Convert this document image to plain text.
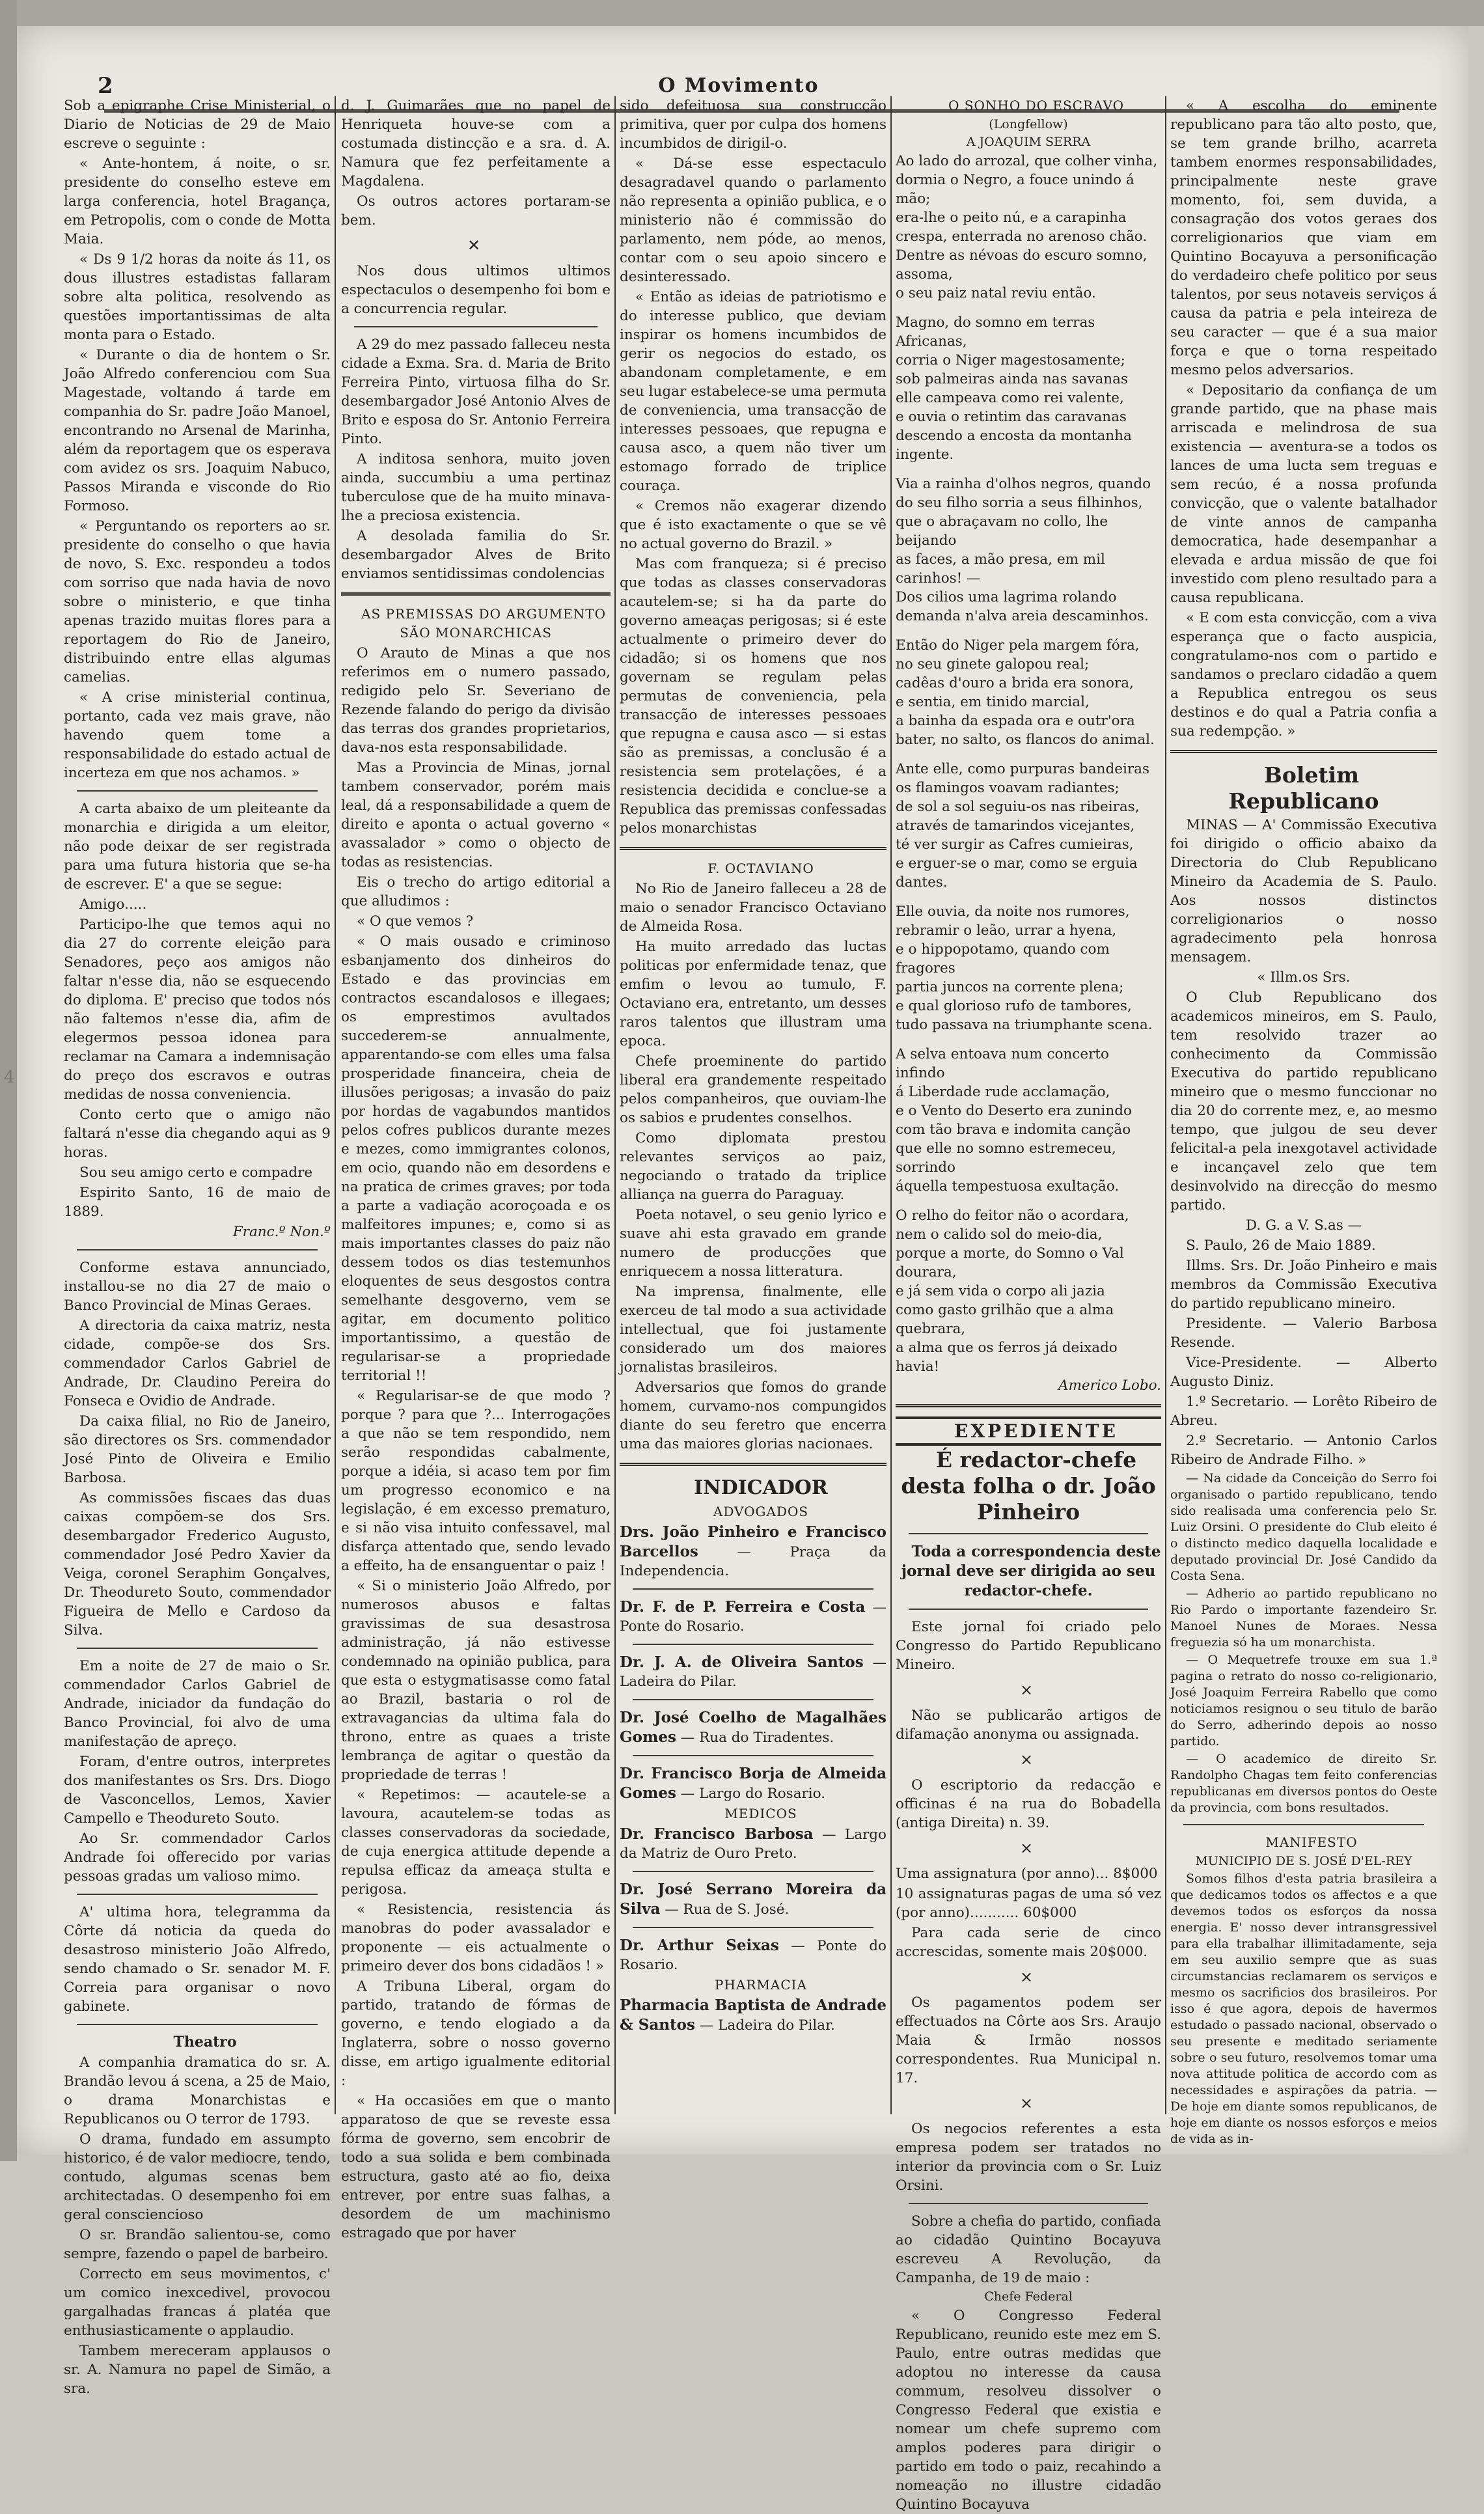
2	O Movimento
4

Sob a epigraphe Crise Ministerial, o Diario de Noticias de 29 de Maio escreve o seguinte :

« Ante-hontem, á noite, o sr. presidente do conselho esteve em larga conferencia, hotel Bragança, em Petropolis, com o conde de Motta Maia.

« Ds 9 1/2 horas da noite ás 11, os dous illustres estadistas fallaram sobre alta politica, resolvendo as questões importantissimas de alta monta para o Estado.

« Durante o dia de hontem o Sr. João Alfredo conferenciou com Sua Magestade, voltando á tarde em companhia do Sr. padre João Manoel, encontrando no Arsenal de Marinha, além da reportagem que os esperava com avidez os srs. Joaquim Nabuco, Passos Miranda e visconde do Rio Formoso.

« Perguntando os reporters ao sr. presidente do conselho o que havia de novo, S. Exc. respondeu a todos com sorriso que nada havia de novo sobre o ministerio, e que tinha apenas trazido muitas flores para a reportagem do Rio de Janeiro, distribuindo entre ellas algumas camelias.

« A crise ministerial continua, portanto, cada vez mais grave, não havendo quem tome a responsabilidade do estado actual de incerteza em que nos achamos. »

A carta abaixo de um pleiteante da monarchia e dirigida a um eleitor, não pode deixar de ser registrada para uma futura historia que se-ha de escrever. E' a que se segue:

Amigo.....

Participo-lhe que temos aqui no dia 27 do corrente eleição para Senadores, peço aos amigos não faltar n'esse dia, não se esquecendo do diploma. E' preciso que todos nós não faltemos n'esse dia, afim de elegermos pessoa idonea para reclamar na Camara a indemnisação do preço dos escravos e outras medidas de nossa conveniencia.

Conto certo que o amigo não faltará n'esse dia chegando aqui as 9 horas.

Sou seu amigo certo e compadre

Espirito Santo, 16 de maio de 1889.

Franc.º Non.º

Conforme estava annunciado, installou-se no dia 27 de maio o Banco Provincial de Minas Geraes.

A directoria da caixa matriz, nesta cidade, compõe-se dos Srs. commendador Carlos Gabriel de Andrade, Dr. Claudino Pereira do Fonseca e Ovidio de Andrade.

Da caixa filial, no Rio de Janeiro, são directores os Srs. commendador José Pinto de Oliveira e Emilio Barbosa.

As commissões fiscaes das duas caixas compõem-se dos Srs. desembargador Frederico Augusto, commendador José Pedro Xavier da Veiga, coronel Seraphim Gonçalves, Dr. Theodureto Souto, commendador Figueira de Mello e Cardoso da Silva.

Em a noite de 27 de maio o Sr. commendador Carlos Gabriel de Andrade, iniciador da fundação do Banco Provincial, foi alvo de uma manifestação de apreço.

Foram, d'entre outros, interpretes dos manifestantes os Srs. Drs. Diogo de Vasconcellos, Lemos, Xavier Campello e Theodureto Souto.

Ao Sr. commendador Carlos Andrade foi offerecido por varias pessoas gradas um valioso mimo.

A' ultima hora, telegramma da Côrte dá noticia da queda do desastroso ministerio João Alfredo, sendo chamado o Sr. senador M. F. Correia para organisar o novo gabinete.

Theatro

A companhia dramatica do sr. A. Brandão levou á scena, a 25 de Maio, o drama Monarchistas e Republicanos ou O terror de 1793.

O drama, fundado em assumpto historico, é de valor mediocre, tendo, contudo, algumas scenas bem architectadas. O desempenho foi em geral consciencioso

O sr. Brandão salientou-se, como sempre, fazendo o papel de barbeiro.

Correcto em seus movimentos, c' um comico inexcedivel, provocou gargalhadas francas á platéa que enthusiasticamente o applaudio.

Tambem mereceram applausos o sr. A. Namura no papel de Simão, a sra.

d. J. Guimarães que no papel de Henriqueta houve-se com a costumada distincção e a sra. d. A. Namura que fez perfeitamente a Magdalena.

Os outros actores portaram-se bem.

✕

Nos dous ultimos ultimos espectaculos o desempenho foi bom e a concurrencia regular.

A 29 do mez passado falleceu nesta cidade a Exma. Sra. d. Maria de Brito Ferreira Pinto, virtuosa filha do Sr. desembargador José Antonio Alves de Brito e esposa do Sr. Antonio Ferreira Pinto.

A inditosa senhora, muito joven ainda, succumbiu a uma pertinaz tuberculose que de ha muito minava-lhe a preciosa existencia.

A desolada familia do Sr. desembargador Alves de Brito enviamos sentidissimas condolencias

AS PREMISSAS DO ARGUMENTO SÃO MONARCHICAS

O Arauto de Minas a que nos referimos em o numero passado, redigido pelo Sr. Severiano de Rezende falando do perigo da divisão das terras dos grandes proprietarios, dava-nos esta responsabilidade.

Mas a Provincia de Minas, jornal tambem conservador, porém mais leal, dá a responsabilidade a quem de direito e aponta o actual governo « avassalador » como o objecto de todas as resistencias.

Eis o trecho do artigo editorial a que alludimos :

« O que vemos ?

« O mais ousado e criminoso esbanjamento dos dinheiros do Estado e das provincias em contractos escandalosos e illegaes; os emprestimos avultados succederem-se annualmente, apparentando-se com elles uma falsa prosperidade financeira, cheia de illusões perigosas; a invasão do paiz por hordas de vagabundos mantidos pelos cofres publicos durante mezes e mezes, como immigrantes colonos, em ocio, quando não em desordens e na pratica de crimes graves; por toda a parte a vadiação acoroçoada e os malfeitores impunes; e, como si as mais importantes classes do paiz não dessem todos os dias testemunhos eloquentes de seus desgostos contra semelhante desgoverno, vem se agitar, em documento politico importantissimo, a questão de regularisar-se a propriedade territorial !!

« Regularisar-se de que modo ? porque ? para que ?... Interrogações a que não se tem respondido, nem serão respondidas cabalmente, porque a idéia, si acaso tem por fim um progresso economico e na legislação, é em excesso prematuro, e si não visa intuito confessavel, mal disfarça attentado que, sendo levado a effeito, ha de ensanguentar o paiz !

« Si o ministerio João Alfredo, por numerosos abusos e faltas gravissimas de sua desastrosa administração, já não estivesse condemnado na opinião publica, para que esta o estygmatisasse como fatal ao Brazil, bastaria o rol de extravagancias da ultima fala do throno, entre as quaes a triste lembrança de agitar o questão da propriedade de terras !

« Repetimos: — acautele-se a lavoura, acautelem-se todas as classes conservadoras da sociedade, de cuja energica attitude depende a repulsa efficaz da ameaça stulta e perigosa.

« Resistencia, resistencia ás manobras do poder avassalador e proponente — eis actualmente o primeiro dever dos bons cidadãos ! »

A Tribuna Liberal, orgam do partido, tratando de fórmas de governo, e tendo elogiado a da Inglaterra, sobre o nosso governo disse, em artigo igualmente editorial :

« Ha occasiões em que o manto apparatoso de que se reveste essa fórma de governo, sem encobrir de todo a sua solida e bem combinada estructura, gasto até ao fio, deixa entrever, por entre suas falhas, a desordem de um machinismo estragado que por haver

sido defeituosa sua construcção primitiva, quer por culpa dos homens incumbidos de dirigil-o.

« Dá-se esse espectaculo desagradavel quando o parlamento não representa a opinião publica, e o ministerio não é commissão do parlamento, nem póde, ao menos, contar com o seu apoio sincero e desinteressado.

« Então as ideias de patriotismo e do interesse publico, que deviam inspirar os homens incumbidos de gerir os negocios do estado, os abandonam completamente, e em seu lugar estabelece-se uma permuta de conveniencia, uma transacção de interesses pessoaes, que repugna e causa asco, a quem não tiver um estomago forrado de triplice couraça.

« Cremos não exagerar dizendo que é isto exactamente o que se vê no actual governo do Brazil. »

Mas com franqueza; si é preciso que todas as classes conservadoras acautelem-se; si ha da parte do governo ameaças perigosas; si é este actualmente o primeiro dever do cidadão; si os homens que nos governam se regulam pelas permutas de conveniencia, pela transacção de interesses pessoaes que repugna e causa asco — si estas são as premissas, a conclusão é a resistencia sem protelações, é a resistencia decidida e conclue-se a Republica das premissas confessadas pelos monarchistas

F. OCTAVIANO

No Rio de Janeiro falleceu a 28 de maio o senador Francisco Octaviano de Almeida Rosa.

Ha muito arredado das luctas politicas por enfermidade tenaz, que emfim o levou ao tumulo, F. Octaviano era, entretanto, um desses raros talentos que illustram uma epoca.

Chefe proeminente do partido liberal era grandemente respeitado pelos companheiros, que ouviam-lhe os sabios e prudentes conselhos.

Como diplomata prestou relevantes serviços ao paiz, negociando o tratado da triplice alliança na guerra do Paraguay.

Poeta notavel, o seu genio lyrico e suave ahi esta gravado em grande numero de producções que enriquecem a nossa litteratura.

Na imprensa, finalmente, elle exerceu de tal modo a sua actividade intellectual, que foi justamente considerado um dos maiores jornalistas brasileiros.

Adversarios que fomos do grande homem, curvamo-nos compungidos diante do seu feretro que encerra uma das maiores glorias nacionaes.

INDICADOR

ADVOGADOS

Drs. João Pinheiro e Francisco Barcellos	— Praça da Independencia.

Dr. F. de P. Ferreira e Costa — Ponte do Rosario.

Dr. J. A. de Oliveira Santos — Ladeira do Pilar.

Dr. José Coelho de Magalhães Gomes — Rua do Tiradentes.

Dr. Francisco Borja de Almeida Gomes — Largo do Rosario.

MEDICOS

Dr. Francisco Barbosa — Largo da Matriz de Ouro Preto.

Dr. José Serrano Moreira da Silva — Rua de S. José.

Dr. Arthur Seixas — Ponte do Rosario.

PHARMACIA

Pharmacia Baptista de Andrade & Santos — Ladeira do Pilar.

O SONHO DO ESCRAVO

(Longfellow)

A JOAQUIM SERRA

Ao lado do arrozal, que colher vinha,

dormia o Negro, a fouce unindo á mão;

era-lhe o peito nú, e a carapinha

crespa, enterrada no arenoso chão.

Dentre as névoas do escuro somno, assoma,

o seu paiz natal reviu então.

Magno, do somno em terras Africanas,

corria o Niger magestosamente;

sob palmeiras ainda nas savanas

elle campeava como rei valente,

e ouvia o retintim das caravanas

descendo a encosta da montanha ingente.

Via a rainha d'olhos negros, quando

do seu filho sorria a seus filhinhos,

que o abraçavam no collo, lhe beijando

as faces, a mão presa, em mil carinhos! —

Dos cilios uma lagrima rolando

demanda n'alva areia descaminhos.

Então do Niger pela margem fóra,

no seu ginete galopou real;

cadêas d'ouro a brida era sonora,

e sentia, em tinido marcial,

a bainha da espada ora e outr'ora

bater, no salto, os flancos do animal.

Ante elle, como purpuras bandeiras

os flamingos voavam radiantes;

de sol a sol seguiu-os nas ribeiras,

através de tamarindos vicejantes,

té ver surgir as Cafres cumieiras,

e erguer-se o mar, como se erguia dantes.

Elle ouvia, da noite nos rumores,

rebramir o leão, urrar a hyena,

e o hippopotamo, quando com fragores

partia juncos na corrente plena;

e qual glorioso rufo de tambores,

tudo passava na triumphante scena.

A selva entoava num concerto infindo

á Liberdade rude acclamação,

e o Vento do Deserto era zunindo

com tão brava e indomita canção

que elle no somno estremeceu, sorrindo

áquella tempestuosa exultação.

O relho do feitor não o acordara,

nem o calido sol do meio-dia,

porque a morte, do Somno o Val dourara,

e já sem vida o corpo ali jazia

como gasto grilhão que a alma quebrara,

a alma que os ferros já deixado havia!

Americo Lobo.

EXPEDIENTE

É redactor-chefe desta folha o dr. João Pinheiro

Toda a correspondencia deste jornal deve ser dirigida ao seu redactor-chefe.

Este jornal foi criado pelo Congresso do Partido Republicano Mineiro.

×

Não se publicarão artigos de difamação anonyma ou assignada.

×

O escriptorio da redacção e officinas é na rua do Bobadella (antiga Direita) n. 39.

×

Uma assignatura (por anno)... 8$000

10 assignaturas pagas de uma só vez (por anno)........... 60$000

Para cada serie de cinco accrescidas, somente mais 20$000.

×

Os pagamentos podem ser effectuados na Côrte aos Srs. Araujo Maia & Irmão nossos correspondentes. Rua Municipal n. 17.

×

Os negocios referentes a esta empresa podem ser tratados no interior da provincia com o Sr. Luiz Orsini.

Sobre a chefia do partido, confiada ao cidadão Quintino Bocayuva escreveu A Revolução, da Campanha, de 19 de maio :

Chefe Federal

« O Congresso Federal Republicano, reunido este mez em S. Paulo, entre outras medidas que adoptou no interesse da causa commum, resolveu dissolver o Congresso Federal que existia e nomear um chefe supremo com amplos poderes para dirigir o partido em todo o paiz, recahindo a nomeação no illustre cidadão Quintino Bocayuva

« A escolha do eminente republicano para tão alto posto, que, se tem grande brilho, acarreta tambem enormes responsabilidades, principalmente neste grave momento, foi, sem duvida, a consagração dos votos geraes dos correligionarios que viam em Quintino Bocayuva a personificação do verdadeiro chefe politico por seus talentos, por seus notaveis serviços á causa da patria e pela inteireza de seu caracter — que é a sua maior força e que o torna respeitado mesmo pelos adversarios.

« Depositario da confiança de um grande partido, que na phase mais arriscada e melindrosa de sua existencia — aventura-se a todos os lances de uma lucta sem treguas e sem recúo, é a nossa profunda convicção, que o valente batalhador de vinte annos de campanha democratica, hade desempanhar a elevada e ardua missão de que foi investido com pleno resultado para a causa republicana.

« E com esta convicção, com a viva esperança que o facto auspicia, congratulamo-nos com o partido e sandamos o preclaro cidadão a quem a Republica entregou os seus destinos e do qual a Patria confia a sua redempção. »

Boletim Republicano

MINAS — A' Commissão Executiva foi dirigido o officio abaixo da Directoria do Club Republicano Mineiro da Academia de S. Paulo. Aos nossos distinctos correligionarios o nosso agradecimento pela honrosa mensagem.

« Illm.os Srs.

O Club Republicano dos academicos mineiros, em S. Paulo, tem resolvido trazer ao conhecimento da Commissão Executiva do partido republicano mineiro que o mesmo funccionar no dia 20 do corrente mez, e, ao mesmo tempo, que julgou de seu dever felicital-a pela inexgotavel actividade e incançavel zelo que tem desinvolvido na direcção do mesmo partido.

D. G. a V. S.as —

S. Paulo, 26 de Maio 1889.

Illms. Srs. Dr. João Pinheiro e mais membros da Commissão Executiva do partido republicano mineiro.

Presidente. — Valerio Barbosa Resende.

Vice-Presidente. — Alberto Augusto Diniz.

1.º Secretario. — Lorêto Ribeiro de Abreu.

2.º Secretario. — Antonio Carlos Ribeiro de Andrade Filho. »

— Na cidade da Conceição do Serro foi organisado o partido republicano, tendo sido realisada uma conferencia pelo Sr. Luiz Orsini. O presidente do Club eleito é o distincto medico daquella localidade e deputado provincial Dr. José Candido da Costa Sena.

— Adherio ao partido republicano no Rio Pardo o importante fazendeiro Sr. Manoel Nunes de Moraes. Nessa freguezia só ha um monarchista.

— O Mequetrefe trouxe em sua 1.ª pagina o retrato do nosso co-religionario, José Joaquim Ferreira Rabello que como noticiamos resignou o seu titulo de barão do Serro, adherindo depois ao nosso partido.

— O academico de direito Sr. Randolpho Chagas tem feito conferencias republicanas em diversos pontos do Oeste da provincia, com bons resultados.

MANIFESTO

MUNICIPIO DE S. JOSÉ D'EL-REY

Somos filhos d'esta patria brasileira a que dedicamos todos os affectos e a que devemos todos os esforços da nossa energia. E' nosso dever intransgressivel para ella trabalhar illimitadamente, seja em seu auxilio sempre que as suas circumstancias reclamarem os serviços e mesmo os sacrificios dos brasileiros. Por isso é que agora, depois de havermos estudado o passado nacional, observado o seu presente e meditado seriamente sobre o seu futuro, resolvemos tomar uma nova attitude politica de accordo com as necessidades e aspirações da patria. — De hoje em diante somos republicanos, de hoje em diante os nossos esforços e meios de vida as in-
